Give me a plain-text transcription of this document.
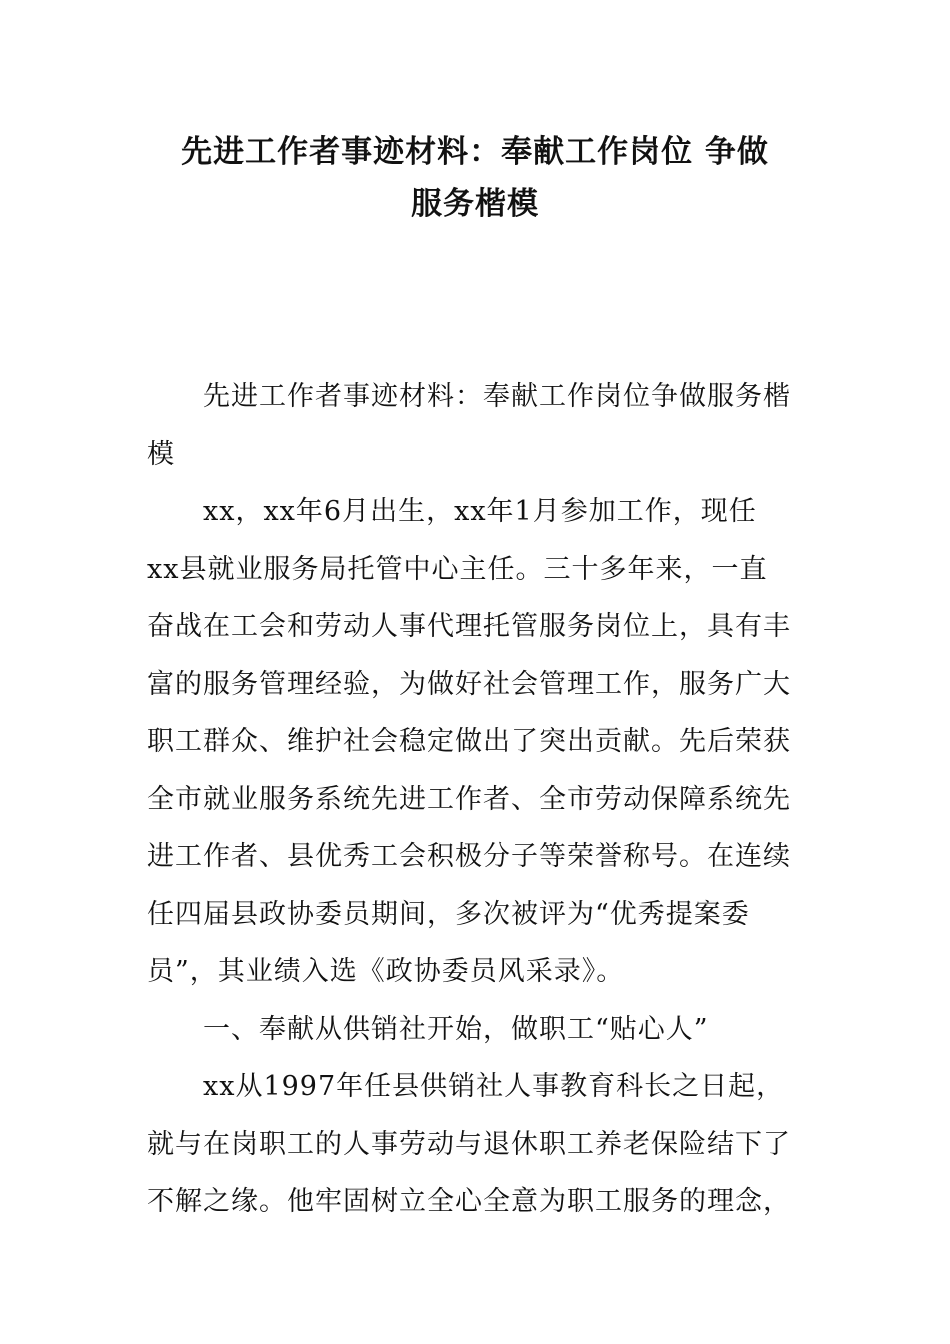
先进工作者事迹材料：奉献工作岗位 争做

服务楷模

先进工作者事迹材料：奉献工作岗位争做服务楷
模
xx，xx年6月出生，xx年1月参加工作，现任
xx县就业服务局托管中心主任。三十多年来，一直
奋战在工会和劳动人事代理托管服务岗位上，具有丰
富的服务管理经验，为做好社会管理工作，服务广大
职工群众、维护社会稳定做出了突出贡献。先后荣获
全市就业服务系统先进工作者、全市劳动保障系统先
进工作者、县优秀工会积极分子等荣誉称号。在连续
任四届县政协委员期间，多次被评为“优秀提案委
员”，其业绩入选《政协委员风采录》。
一、奉献从供销社开始，做职工“贴心人”
xx从1997年任县供销社人事教育科长之日起，
就与在岗职工的人事劳动与退休职工养老保险结下了
不解之缘。他牢固树立全心全意为职工服务的理念，
